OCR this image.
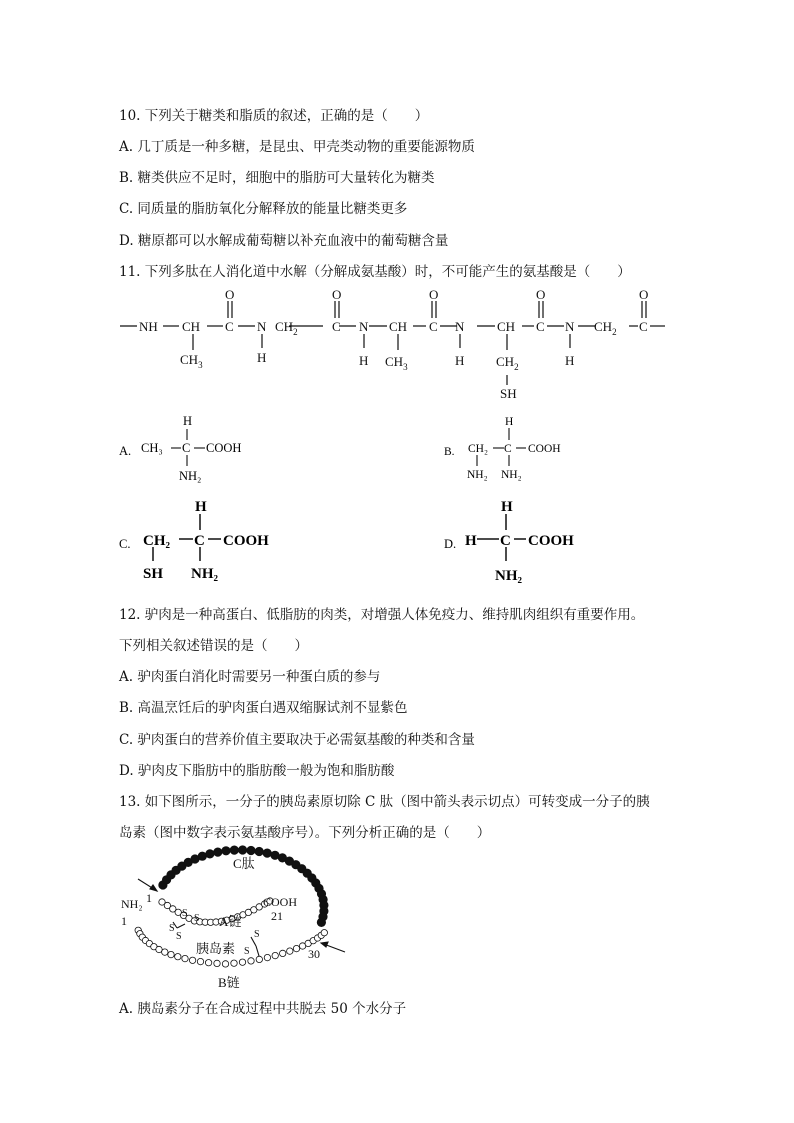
10. 下列关于糖类和脂质的叙述，正确的是（　　）
A. 几丁质是一种多糖，是昆虫、甲壳类动物的重要能源物质
B. 糖类供应不足时，细胞中的脂肪可大量转化为糖类
C. 同质量的脂肪氧化分解释放的能量比糖类更多
D. 糖原都可以水解成葡萄糖以补充血液中的葡萄糖含量
11. 下列多肽在人消化道中水解（分解成氨基酸）时，不可能产生的氨基酸是（　　）
O	O	O	O	O
NH CH C N $CH_2$	C N CH C N	CH C N $CH_2$ C
$CH_3$	H	H $CH_3$	H $CH_2$
SH
H
A.
H
CH₃ C COOH
NH₂
B.
H
CH₂ C COOH
NH₂ NH₂
C.
H
CH₂ C COOH
SH NH₂
D.
H
H C COOH
NH₂
12. 驴肉是一种高蛋白、低脂肪的肉类，对增强人体免疫力、维持肌肉组织有重要作用。
下列相关叙述错误的是（　　）
A. 驴肉蛋白消化时需要另一种蛋白质的参与
B. 高温烹饪后的驴肉蛋白遇双缩脲试剂不显紫色
C. 驴肉蛋白的营养价值主要取决于必需氨基酸的种类和含量
D. 驴肉皮下脂肪中的脂肪酸一般为饱和脂肪酸
13. 如下图所示，一分子的胰岛素原切除 C 肽（图中箭头表示切点）可转变成一分子的胰
岛素（图中数字表示氨基酸序号）。下列分析正确的是（　　）
C肽
NH₂ 1
1
COOH
21
30
A链
胰岛素
B链
S S
S
S	S
S
A. 胰岛素分子在合成过程中共脱去 50 个水分子
